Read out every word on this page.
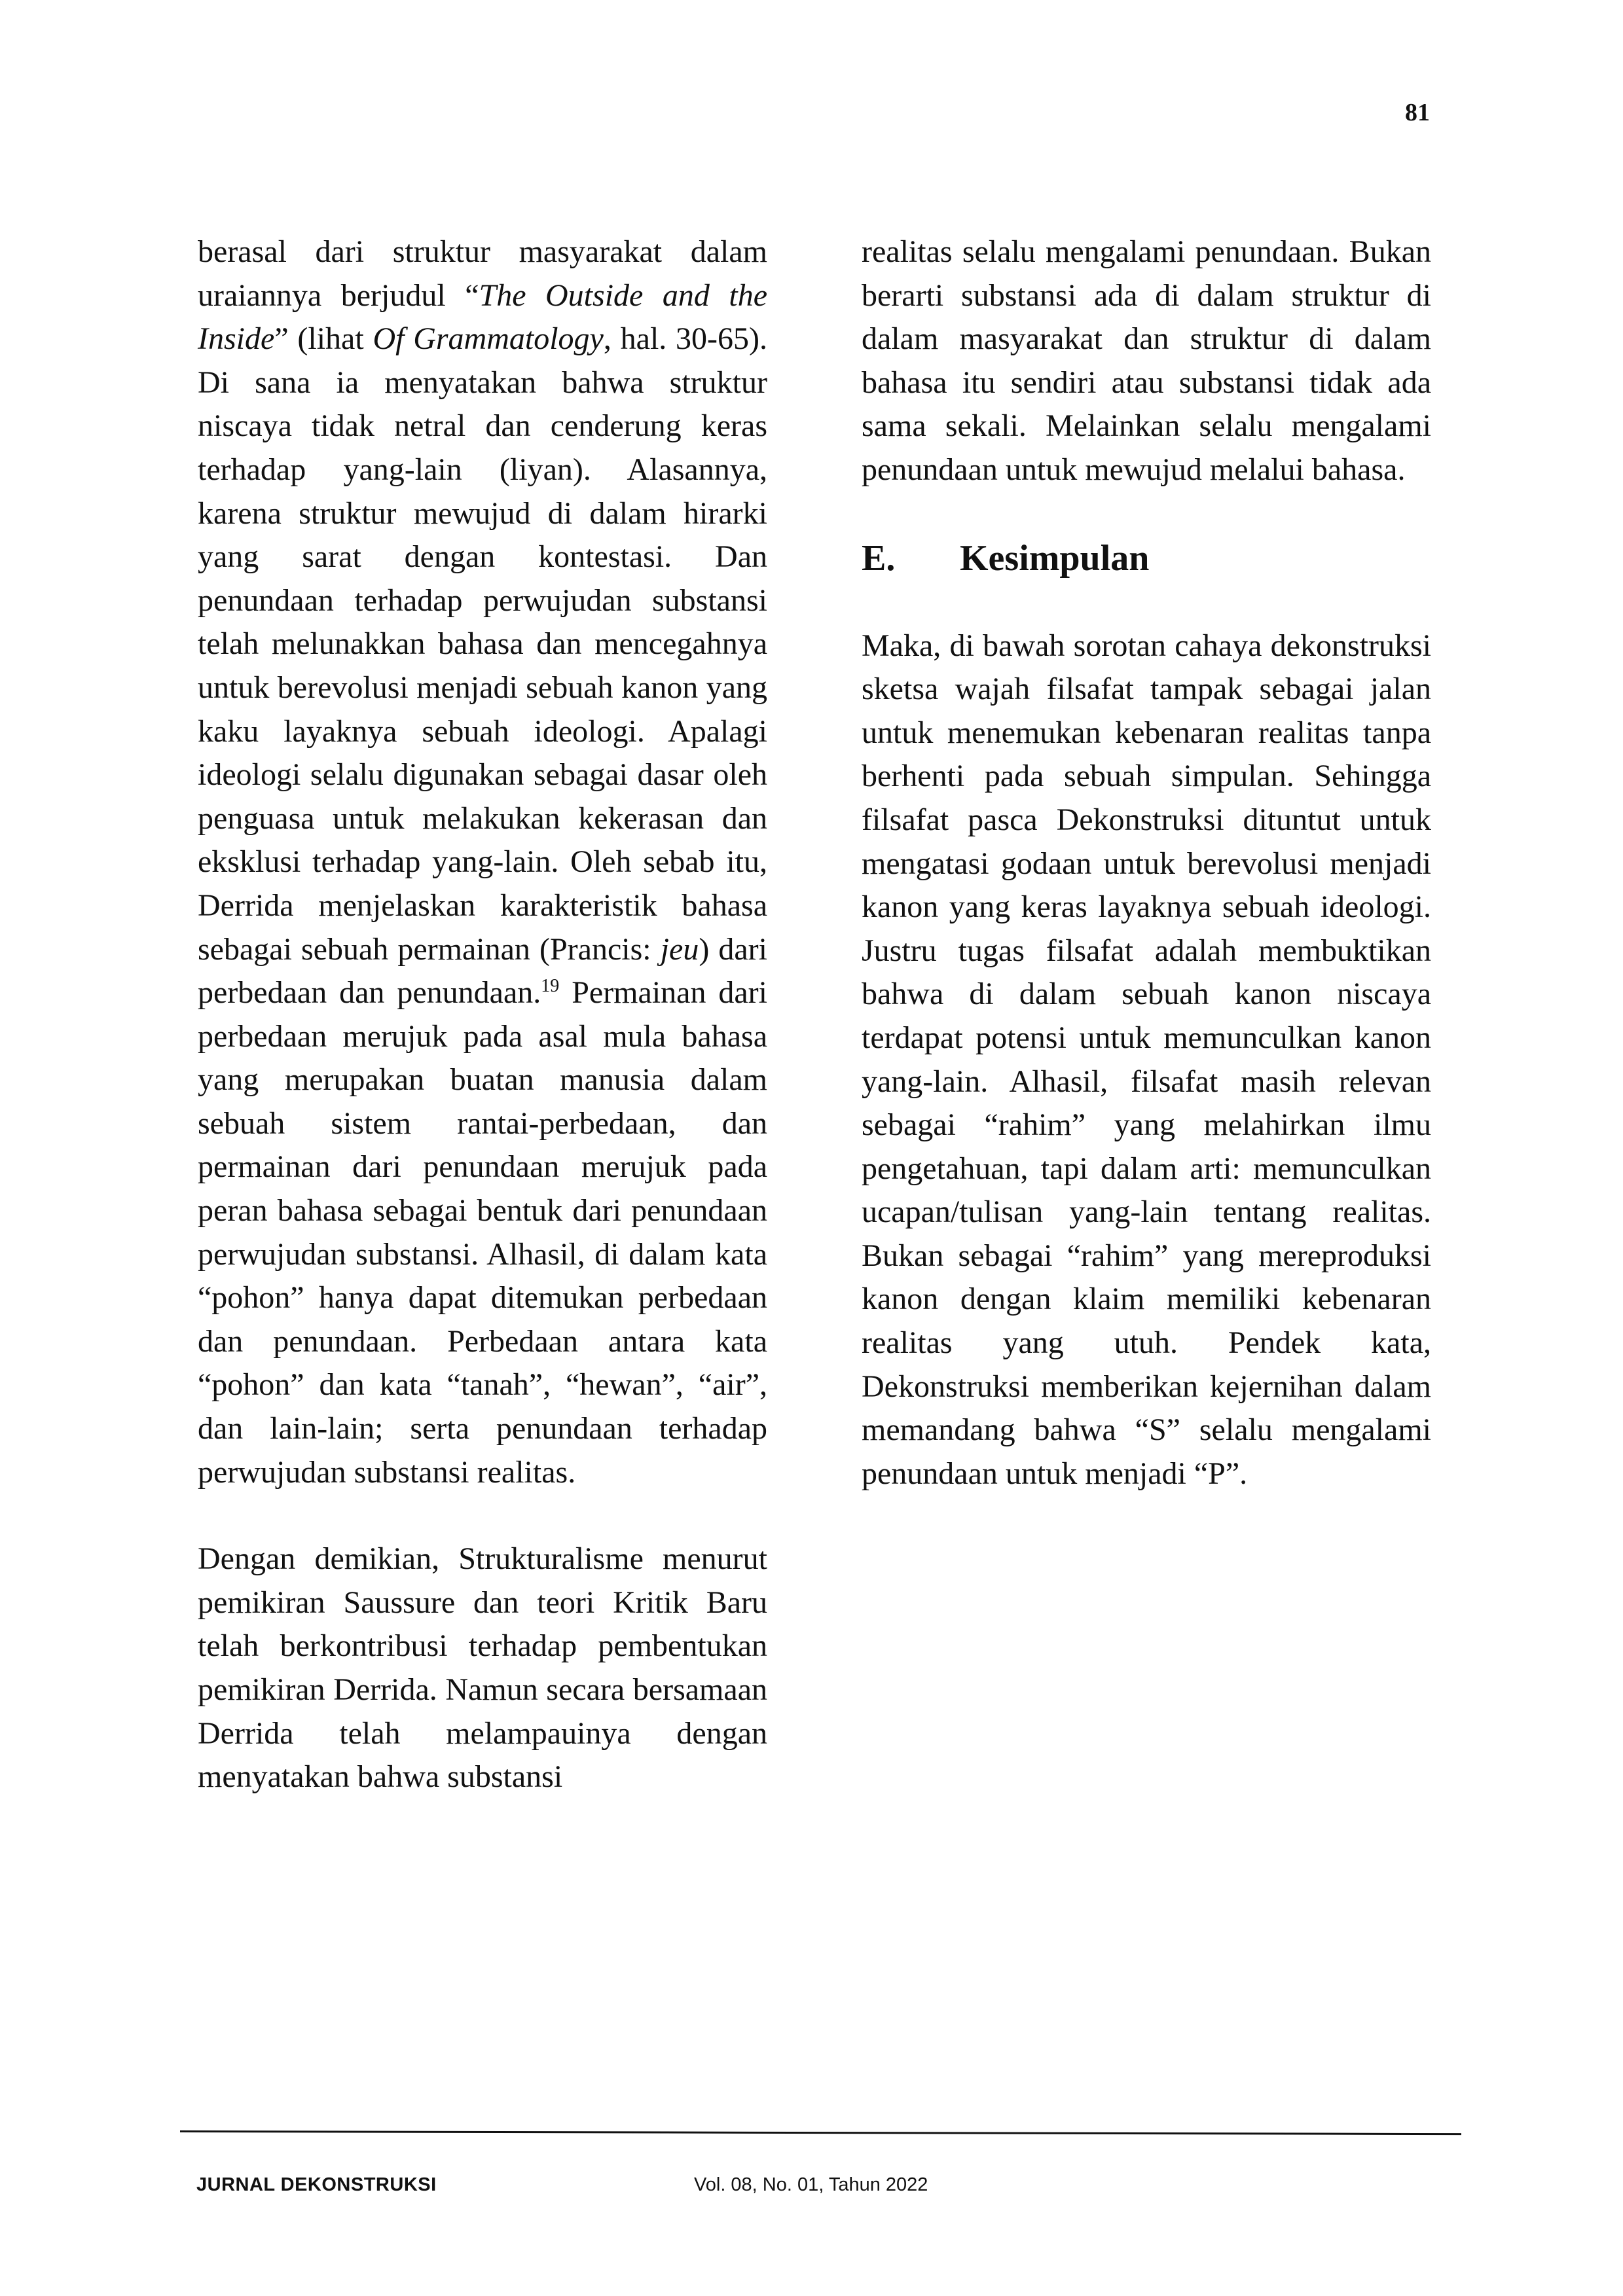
81

berasal dari struktur masyarakat dalam uraiannya berjudul “The Outside and the Inside” (lihat Of Grammatology, hal. 30-65). Di sana ia menyatakan bahwa struktur niscaya tidak netral dan cenderung keras terhadap yang-lain (liyan). Alasannya, karena struktur mewujud di dalam hirarki yang sarat dengan kontestasi. Dan penundaan terhadap perwujudan substansi telah melunakkan bahasa dan mencegahnya untuk berevolusi menjadi sebuah kanon yang kaku layaknya sebuah ideologi. Apalagi ideologi selalu digunakan sebagai dasar oleh penguasa untuk melakukan kekerasan dan eksklusi terhadap yang-lain. Oleh sebab itu, Derrida menjelaskan karakteristik bahasa sebagai sebuah permainan (Prancis: jeu) dari perbedaan dan penundaan.$^{19}$ Permainan dari perbedaan merujuk pada asal mula bahasa yang merupakan buatan manusia dalam sebuah sistem rantai-perbedaan, dan permainan dari penundaan merujuk pada peran bahasa sebagai bentuk dari penundaan perwujudan substansi. Alhasil, di dalam kata “pohon” hanya dapat ditemukan perbedaan dan penundaan. Perbedaan antara kata “pohon” dan kata “tanah”, “hewan”, “air”, dan lain-lain; serta penundaan terhadap perwujudan substansi realitas.

Dengan demikian, Strukturalisme menurut pemikiran Saussure dan teori Kritik Baru telah berkontribusi terhadap pembentukan pemikiran Derrida. Namun secara bersamaan Derrida telah melampauinya dengan menyatakan bahwa substansi

realitas selalu mengalami penundaan. Bukan berarti substansi ada di dalam struktur di dalam masyarakat dan struktur di dalam bahasa itu sendiri atau substansi tidak ada sama sekali. Melainkan selalu mengalami penundaan untuk mewujud melalui bahasa.

E.	Kesimpulan

Maka, di bawah sorotan cahaya dekonstruksi sketsa wajah filsafat tampak sebagai jalan untuk menemukan kebenaran realitas tanpa berhenti pada sebuah simpulan. Sehingga filsafat pasca Dekonstruksi dituntut untuk mengatasi godaan untuk berevolusi menjadi kanon yang keras layaknya sebuah ideologi. Justru tugas filsafat adalah membuktikan bahwa di dalam sebuah kanon niscaya terdapat potensi untuk memunculkan kanon yang-lain. Alhasil, filsafat masih relevan sebagai “rahim” yang melahirkan ilmu pengetahuan, tapi dalam arti: memunculkan ucapan/tulisan yang-lain tentang realitas. Bukan sebagai “rahim” yang mereproduksi kanon dengan klaim memiliki kebenaran realitas yang utuh. Pendek kata, Dekonstruksi memberikan kejernihan dalam memandang bahwa “S” selalu mengalami penundaan untuk menjadi “P”.

JURNAL DEKONSTRUKSI	Vol. 08, No. 01, Tahun 2022
